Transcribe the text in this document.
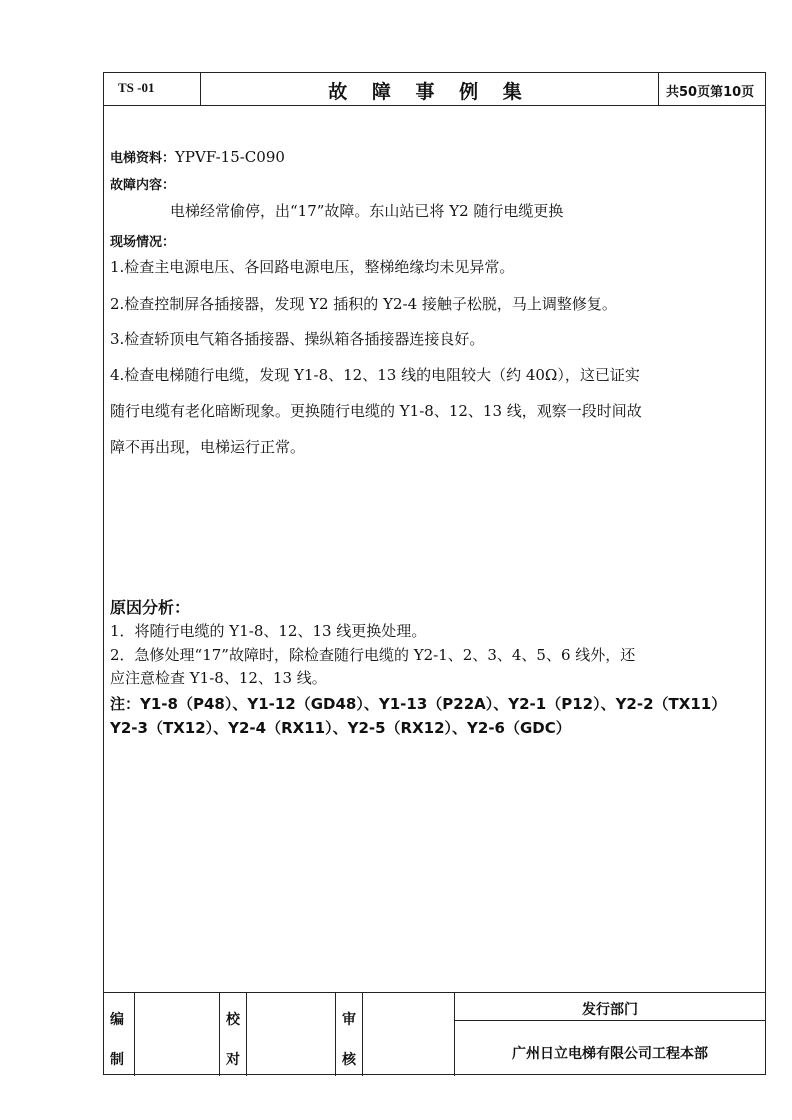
TS -01	故 障 事 例 集	共50页第10页
电梯资料：YPVF-15-C090
故障内容：
电梯经常偷停，出“17”故障。东山站已将 Y2 随行电缆更换
现场情况：
1.检查主电源电压、各回路电源电压，整梯绝缘均未见异常。
2.检查控制屏各插接器，发现 Y2 插积的 Y2-4 接触子松脱，马上调整修复。
3.检查轿顶电气箱各插接器、操纵箱各插接器连接良好。
4.检查电梯随行电缆，发现 Y1-8、12、13 线的电阻较大（约 40Ω），这已证实
随行电缆有老化暗断现象。更换随行电缆的 Y1-8、12、13 线，观察一段时间故
障不再出现，电梯运行正常。
原因分析：
1．将随行电缆的 Y1-8、12、13 线更换处理。
2．急修处理“17”故障时，除检查随行电缆的 Y2-1、2、3、4、5、6 线外，还
应注意检查 Y1-8、12、13 线。
注：Y1-8（P48）、Y1-12（GD48）、Y1-13（P22A）、Y2-1（P12）、Y2-2（TX11）
Y2-3（TX12）、Y2-4（RX11）、Y2-5（RX12）、Y2-6（GDC）
编
制
校
对
审
核
发行部门
广州日立电梯有限公司工程本部
